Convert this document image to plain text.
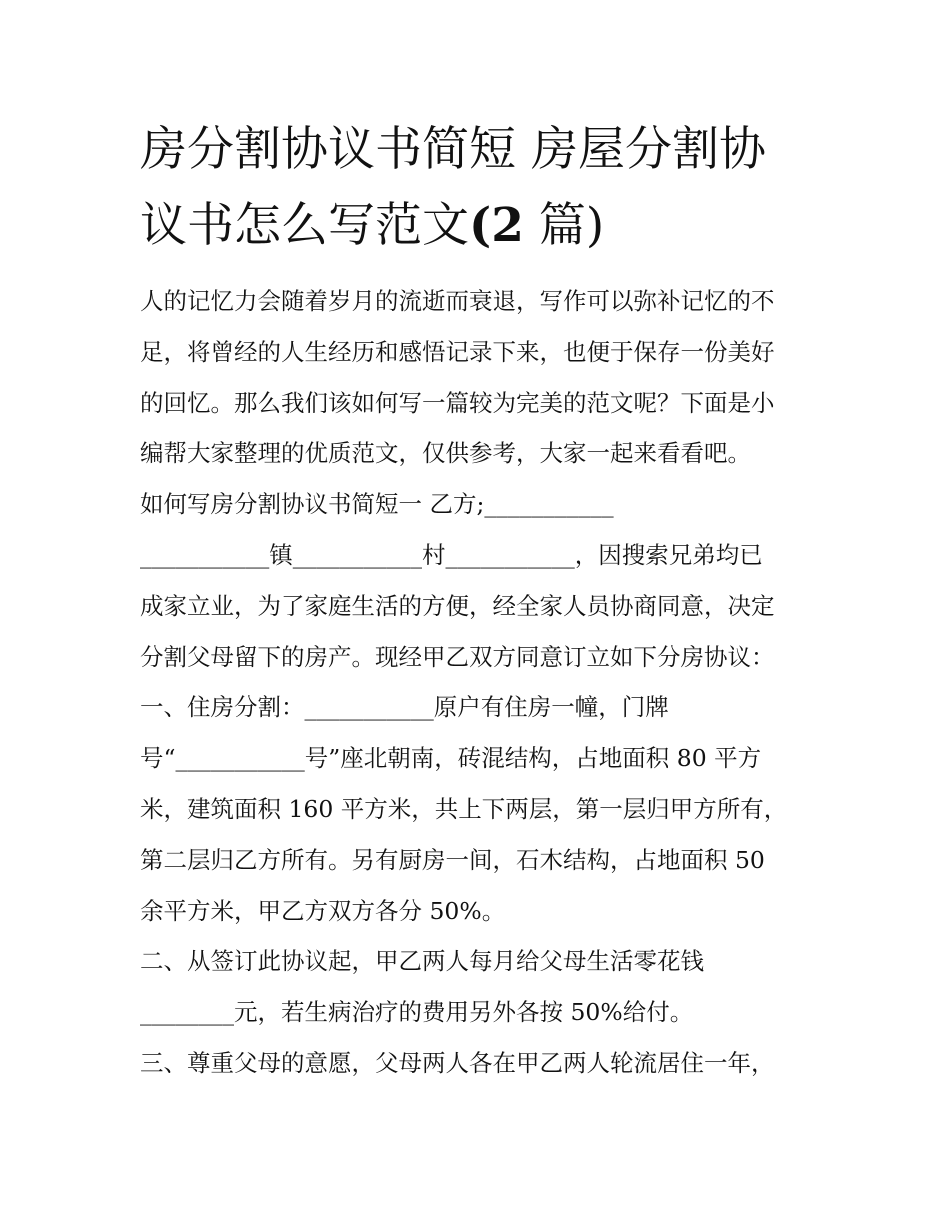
房分割协议书简短 房屋分割协
议书怎么写范文(2 篇)
人的记忆力会随着岁月的流逝而衰退，写作可以弥补记忆的不
足，将曾经的人生经历和感悟记录下来，也便于保存一份美好
的回忆。那么我们该如何写一篇较为完美的范文呢？下面是小
编帮大家整理的优质范文，仅供参考，大家一起来看看吧。
如何写房分割协议书简短一 乙方;___________
___________镇___________村___________，因搜索兄弟均已
成家立业，为了家庭生活的方便，经全家人员协商同意，决定
分割父母留下的房产。现经甲乙双方同意订立如下分房协议：
一、住房分割：___________原户有住房一幢，门牌
号“___________号”座北朝南，砖混结构，占地面积 80 平方
米，建筑面积 160 平方米，共上下两层，第一层归甲方所有，
第二层归乙方所有。另有厨房一间，石木结构，占地面积 50
余平方米，甲乙方双方各分 50%。
二、从签订此协议起，甲乙两人每月给父母生活零花钱
________元，若生病治疗的费用另外各按 50%给付。
三、尊重父母的意愿，父母两人各在甲乙两人轮流居住一年，
